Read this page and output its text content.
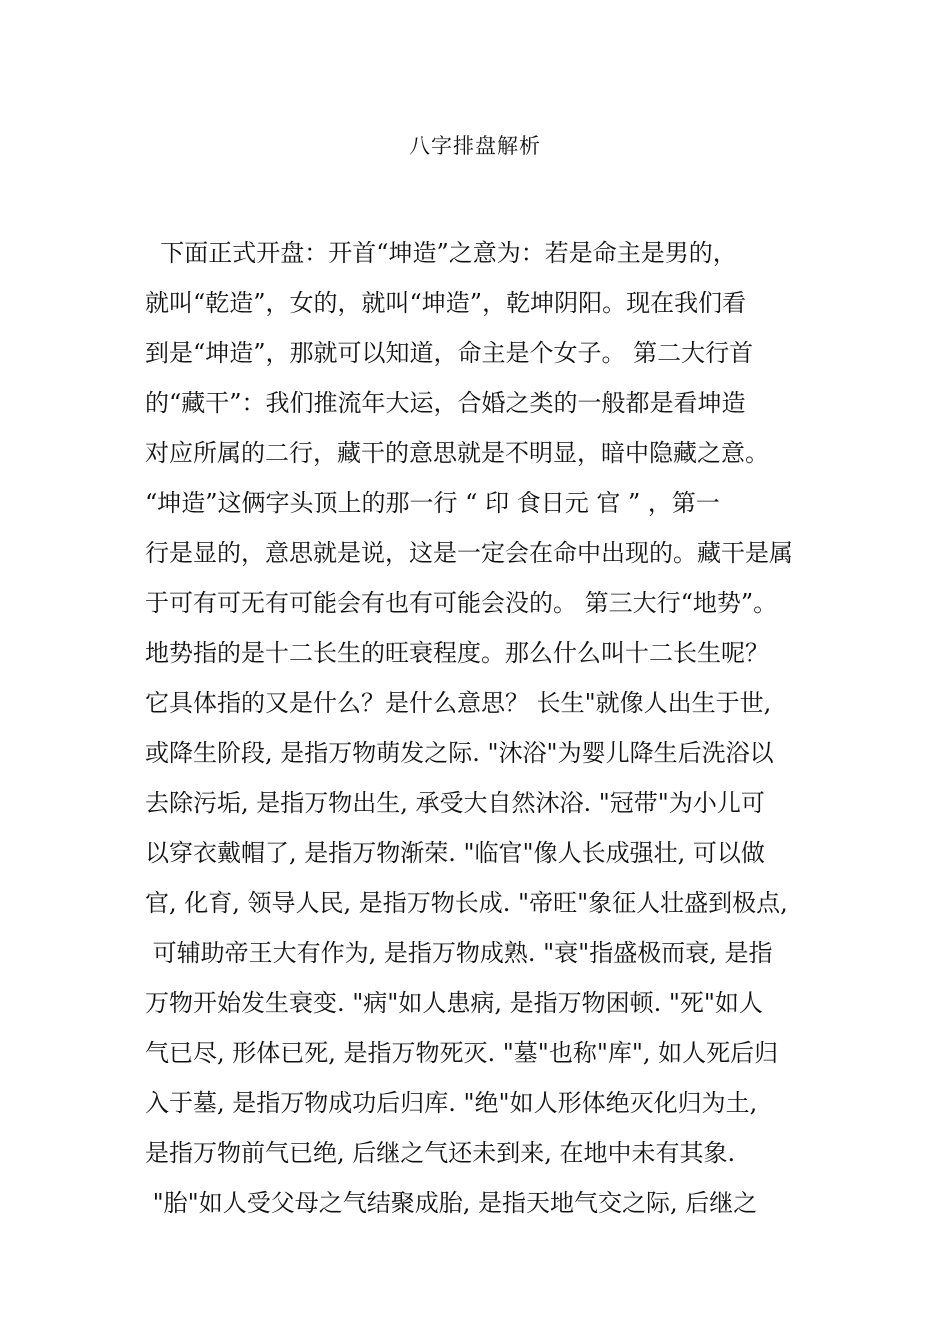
八字排盘解析
下面正式开盘：开首“坤造”之意为：若是命主是男的，
就叫“乾造”，女的，就叫“坤造”，乾坤阴阳。现在我们看
到是“坤造”，那就可以知道，命主是个女子。 第二大行首
的“藏干”：我们推流年大运，合婚之类的一般都是看坤造
对应所属的二行，藏干的意思就是不明显，暗中隐藏之意。
“坤造”这俩字头顶上的那一行 “ 印 食日元 官 ” ，第一
行是显的，意思就是说，这是一定会在命中出现的。藏干是属
于可有可无有可能会有也有可能会没的。 第三大行“地势”。
地势指的是十二长生的旺衰程度。那么什么叫十二长生呢？
它具体指的又是什么？是什么意思？ 长生"就像人出生于世,
或降生阶段, 是指万物萌发之际. "沐浴"为婴儿降生后洗浴以
去除污垢, 是指万物出生, 承受大自然沐浴. "冠带"为小儿可
以穿衣戴帽了, 是指万物渐荣. "临官"像人长成强壮, 可以做
官, 化育, 领导人民, 是指万物长成. "帝旺"象征人壮盛到极点,
可辅助帝王大有作为, 是指万物成熟. "衰"指盛极而衰, 是指
万物开始发生衰变. "病"如人患病, 是指万物困顿. "死"如人
气已尽, 形体已死, 是指万物死灭. "墓"也称"库", 如人死后归
入于墓, 是指万物成功后归库. "绝"如人形体绝灭化归为土,
是指万物前气已绝, 后继之气还未到来, 在地中未有其象.
"胎"如人受父母之气结聚成胎, 是指天地气交之际, 后继之
